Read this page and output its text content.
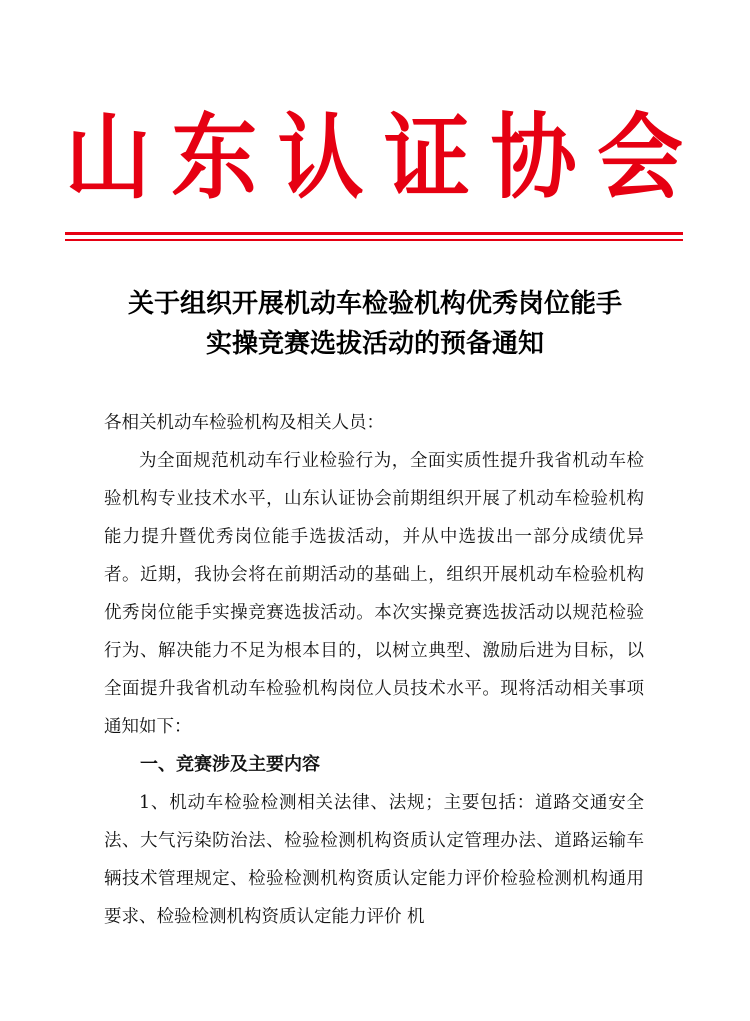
山 东 认 证 协 会
关于组织开展机动车检验机构优秀岗位能手
实操竞赛选拔活动的预备通知

各相关机动车检验机构及相关人员：

为全面规范机动车行业检验行为，全面实质性提升我省机动车检验机构专业技术水平，山东认证协会前期组织开展了机动车检验机构能力提升暨优秀岗位能手选拔活动，并从中选拔出一部分成绩优异者。近期，我协会将在前期活动的基础上，组织开展机动车检验机构优秀岗位能手实操竞赛选拔活动。本次实操竞赛选拔活动以规范检验行为、解决能力不足为根本目的，以树立典型、激励后进为目标，以全面提升我省机动车检验机构岗位人员技术水平。现将活动相关事项通知如下：

一、竞赛涉及主要内容

1、机动车检验检测相关法律、法规；主要包括：道路交通安全法、大气污染防治法、检验检测机构资质认定管理办法、道路运输车辆技术管理规定、检验检测机构资质认定能力评价检验检测机构通用要求、检验检测机构资质认定能力评价 机
